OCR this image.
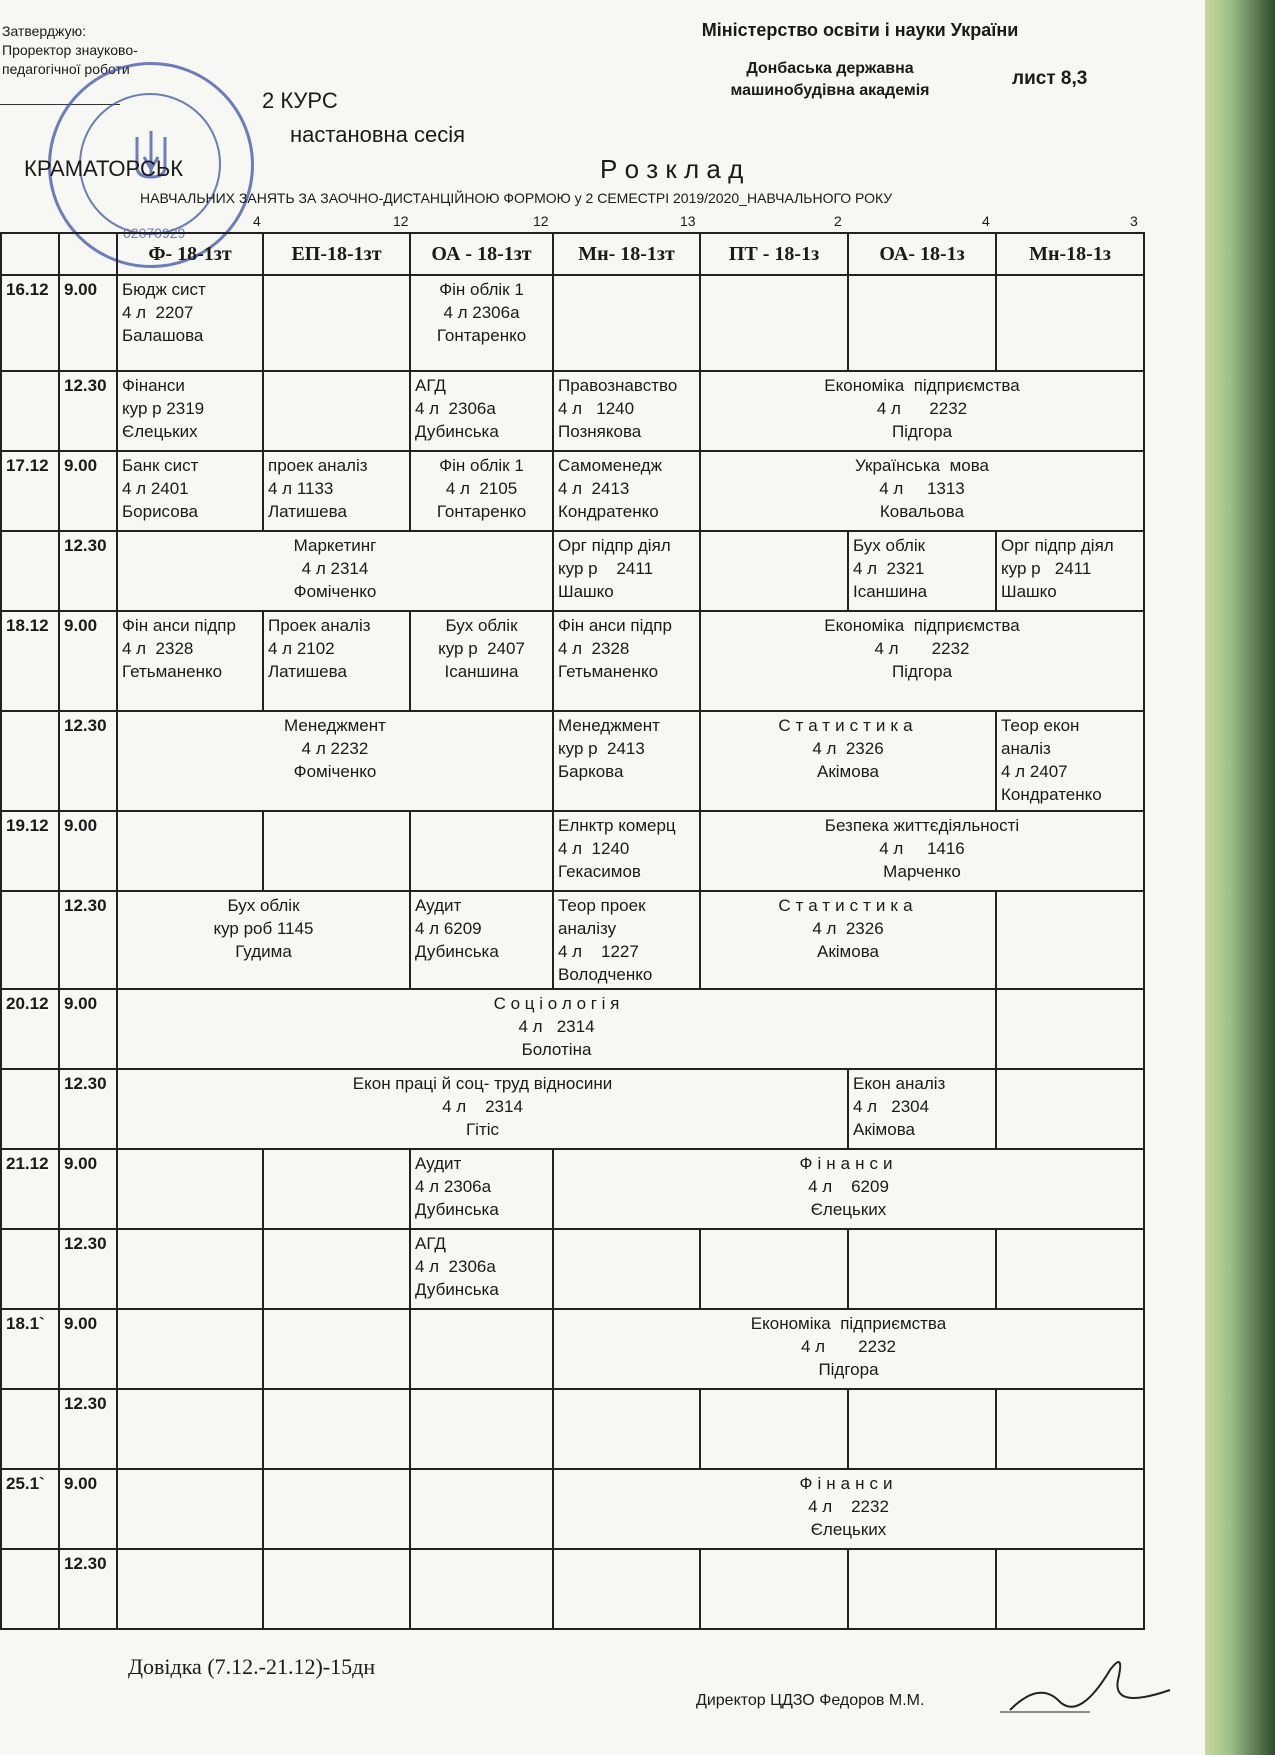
Затверджую:
Проректор знауково-
педагогічної роботи
02070929
Міністерство освіти і науки України
Донбаська державна
машинобудівна академія
лист 8,3
2 КУРС
настановна сесія
КРАМАТОРСЬК	Р о з к л а д
НАВЧАЛЬНИХ ЗАНЯТЬ ЗА ЗАОЧНО-ДИСТАНЦІЙНОЮ ФОРМОЮ у 2 СЕМЕСТРІ 2019/2020_НАВЧАЛЬНОГО РОКУ
4	12	12	13	2	4	3
		Ф- 18-1зт	ЕП-18-1зт	ОА - 18-1зт	Мн- 18-1зт	ПТ - 18-1з	ОА- 18-1з	Мн-18-1з
16.12	9.00	Бюдж сист
4 л  2207
Балашова		Фін облік 1
4 л 2306а
Гонтаренко				

	12.30	Фінанси
кур р 2319
Єлецьких		АГД
4 л  2306а
Дубинська	Правознавство
4 л   1240
Познякова	Економіка  підприємства
4 л      2232
Підгора		

17.12	9.00	Банк сист
4 л 2401
Борисова	проек аналіз
4 л 1133
Латишева	Фін облік 1
4 л  2105
Гонтаренко	Самоменедж
4 л  2413
Кондратенко	Українська  мова
4 л     1313
Ковальова		

	12.30	Маркетинг
4 л 2314
Фоміченко			Орг підпр діял
кур р    2411
Шашко		Бух облік
4 л  2321
Ісаншина	Орг підпр діял
кур р   2411
Шашко

18.12	9.00	Фін анси підпр
4 л  2328
Гетьманенко	Проек аналіз
4 л 2102
Латишева	Бух облік
кур р  2407
Ісаншина	Фін анси підпр
4 л  2328
Гетьманенко	Економіка  підприємства
4 л       2232
Підгора		

	12.30	Менеджмент
4 л 2232
Фоміченко			Менеджмент
кур р  2413
Баркова	Статистика
4 л  2326
Акімова		Теор екон
аналіз
4 л 2407
Кондратенко

19.12	9.00				Елнктр комерц
4 л  1240
Гекасимов	Безпека життєдіяльності
4 л     1416
Марченко		

	12.30	Бух облік
кур роб 1145
Гудима		Аудит
4 л 6209
Дубинська	Теор проек
аналізу
4 л    1227
Володченко	Статистика
4 л  2326
Акімова		

20.12	9.00	С о ц і о л о г і я
4 л   2314
Болотіна						

	12.30	Екон праці й соц- труд відносини
4 л    2314
Гітіс					Екон аналіз
4 л   2304
Акімова	

21.12	9.00			Аудит
4 л 2306а
Дубинська	Фінанси
4 л    6209
Єлецьких			

	12.30			АГД
4 л  2306а
Дубинська				

18.1`	9.00				Економіка  підприємства
4 л       2232
Підгора			

	12.30							
25.1`	9.00				Фінанси
4 л    2232
Єлецьких			

	12.30							
Довідка (7.12.-21.12)-15дн
Директор ЦДЗО Федоров М.М.
